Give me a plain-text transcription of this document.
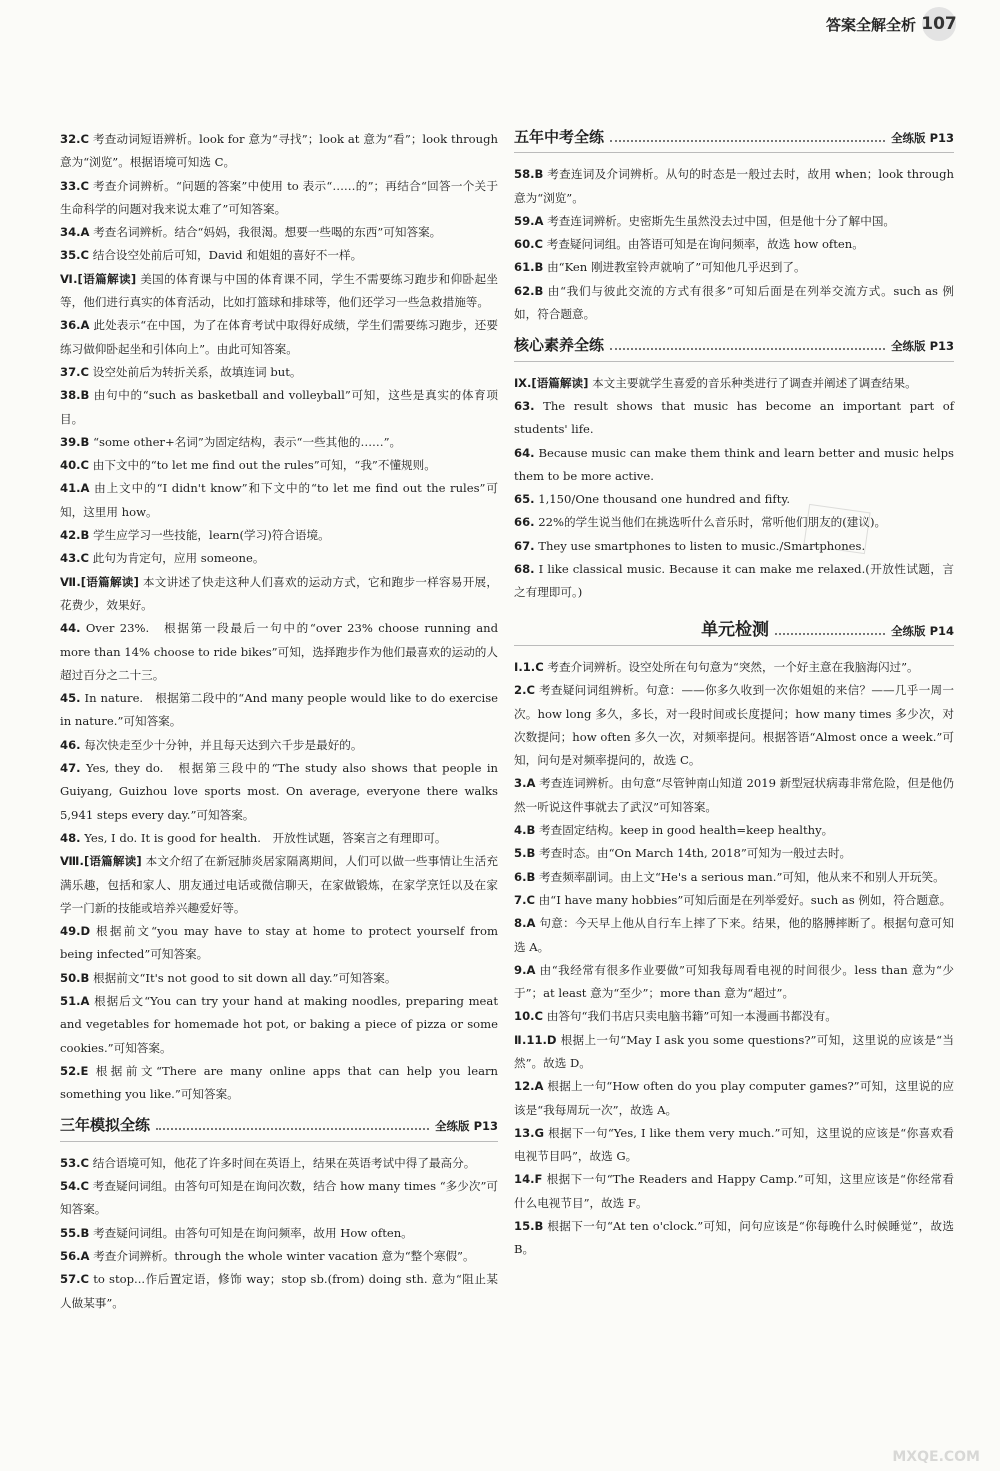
答案全解全析 107

32.C 考查动词短语辨析。look for 意为“寻找”；look at 意为“看”；look through 意为“浏览”。根据语境可知选 C。

33.C 考查介词辨析。“问题的答案”中使用 to 表示“……的”；再结合“回答一个关于生命科学的问题对我来说太难了”可知答案。

34.A 考查名词辨析。结合“妈妈，我很渴。想要一些喝的东西”可知答案。

35.C 结合设空处前后可知，David 和姐姐的喜好不一样。

Ⅵ.[语篇解读] 美国的体育课与中国的体育课不同，学生不需要练习跑步和仰卧起坐等，他们进行真实的体育活动，比如打篮球和排球等，他们还学习一些急救措施等。

36.A 此处表示“在中国，为了在体育考试中取得好成绩，学生们需要练习跑步，还要练习做仰卧起坐和引体向上”。由此可知答案。

37.C 设空处前后为转折关系，故填连词 but。

38.B 由句中的“such as basketball and volleyball”可知，这些是真实的体育项目。

39.B “some other+名词”为固定结构，表示“一些其他的……”。

40.C 由下文中的“to let me find out the rules”可知，“我”不懂规则。

41.A 由上文中的“I didn't know”和下文中的“to let me find out the rules”可知，这里用 how。

42.B 学生应学习一些技能，learn(学习)符合语境。

43.C 此句为肯定句，应用 someone。

Ⅶ.[语篇解读] 本文讲述了快走这种人们喜欢的运动方式，它和跑步一样容易开展，花费少，效果好。

44. Over 23%.　根据第一段最后一句中的“over 23% choose running and more than 14% choose to ride bikes”可知，选择跑步作为他们最喜欢的运动的人超过百分之二十三。

45. In nature.　根据第二段中的“And many people would like to do exercise in nature.”可知答案。

46. 每次快走至少十分钟，并且每天达到六千步是最好的。

47. Yes, they do.　根据第三段中的“The study also shows that people in Guiyang, Guizhou love sports most. On average, everyone there walks 5,941 steps every day.”可知答案。

48. Yes, I do. It is good for health.　开放性试题，答案言之有理即可。

Ⅷ.[语篇解读] 本文介绍了在新冠肺炎居家隔离期间，人们可以做一些事情让生活充满乐趣，包括和家人、朋友通过电话或微信聊天，在家做锻炼，在家学烹饪以及在家学一门新的技能或培养兴趣爱好等。

49.D 根据前文“you may have to stay at home to protect yourself from being infected”可知答案。

50.B 根据前文“It's not good to sit down all day.”可知答案。

51.A 根据后文“You can try your hand at making noodles, preparing meat and vegetables for homemade hot pot, or baking a piece of pizza or some cookies.”可知答案。

52.E 根据前文“There are many online apps that can help you learn something you like.”可知答案。

三年模拟全练	全练版 P13

53.C 结合语境可知，他花了许多时间在英语上，结果在英语考试中得了最高分。

54.C 考查疑问词组。由答句可知是在询问次数，结合 how many times “多少次”可知答案。

55.B 考查疑问词组。由答句可知是在询问频率，故用 How often。

56.A 考查介词辨析。through the whole winter vacation 意为“整个寒假”。

57.C to stop...作后置定语，修饰 way；stop sb.(from) doing sth. 意为“阻止某人做某事”。

五年中考全练	全练版 P13

58.B 考查连词及介词辨析。从句的时态是一般过去时，故用 when；look through 意为“浏览”。

59.A 考查连词辨析。史密斯先生虽然没去过中国，但是他十分了解中国。

60.C 考查疑问词组。由答语可知是在询问频率，故选 how often。

61.B 由“Ken 刚进教室铃声就响了”可知他几乎迟到了。

62.B 由“我们与彼此交流的方式有很多”可知后面是在列举交流方式。such as 例如，符合题意。

核心素养全练	全练版 P13

Ⅸ.[语篇解读] 本文主要就学生喜爱的音乐种类进行了调查并阐述了调查结果。

63. The result shows that music has become an important part of students' life.

64. Because music can make them think and learn better and music helps them to be more active.

65. 1,150/One thousand one hundred and fifty.

66. 22%的学生说当他们在挑选听什么音乐时，常听他们朋友的(建议)。

67. They use smartphones to listen to music./Smartphones.

68. I like classical music. Because it can make me relaxed.(开放性试题，言之有理即可。)

单元检测	全练版 P14

Ⅰ.1.C 考查介词辨析。设空处所在句句意为“突然，一个好主意在我脑海闪过”。

2.C 考查疑问词组辨析。句意：——你多久收到一次你姐姐的来信？——几乎一周一次。how long 多久，多长，对一段时间或长度提问；how many times 多少次，对次数提问；how often 多久一次，对频率提问。根据答语“Almost once a week.”可知，问句是对频率提问的，故选 C。

3.A 考查连词辨析。由句意“尽管钟南山知道 2019 新型冠状病毒非常危险，但是他仍然一听说这件事就去了武汉”可知答案。

4.B 考查固定结构。keep in good health=keep healthy。

5.B 考查时态。由“On March 14th, 2018”可知为一般过去时。

6.B 考查频率副词。由上文“He's a serious man.”可知，他从来不和别人开玩笑。

7.C 由“I have many hobbies”可知后面是在列举爱好。such as 例如，符合题意。

8.A 句意：今天早上他从自行车上摔了下来。结果，他的胳膊摔断了。根据句意可知选 A。

9.A 由“我经常有很多作业要做”可知我每周看电视的时间很少。less than 意为“少于”；at least 意为“至少”；more than 意为“超过”。

10.C 由答句“我们书店只卖电脑书籍”可知一本漫画书都没有。

Ⅱ.11.D 根据上一句“May I ask you some questions?”可知，这里说的应该是“当然”。故选 D。

12.A 根据上一句“How often do you play computer games?”可知，这里说的应该是“我每周玩一次”，故选 A。

13.G 根据下一句“Yes, I like them very much.”可知，这里说的应该是“你喜欢看电视节目吗”，故选 G。

14.F 根据下一句“The Readers and Happy Camp.”可知，这里应该是“你经常看什么电视节目”，故选 F。

15.B 根据下一句“At ten o'clock.”可知，问句应该是“你每晚什么时候睡觉”，故选 B。

MXQE.COM
